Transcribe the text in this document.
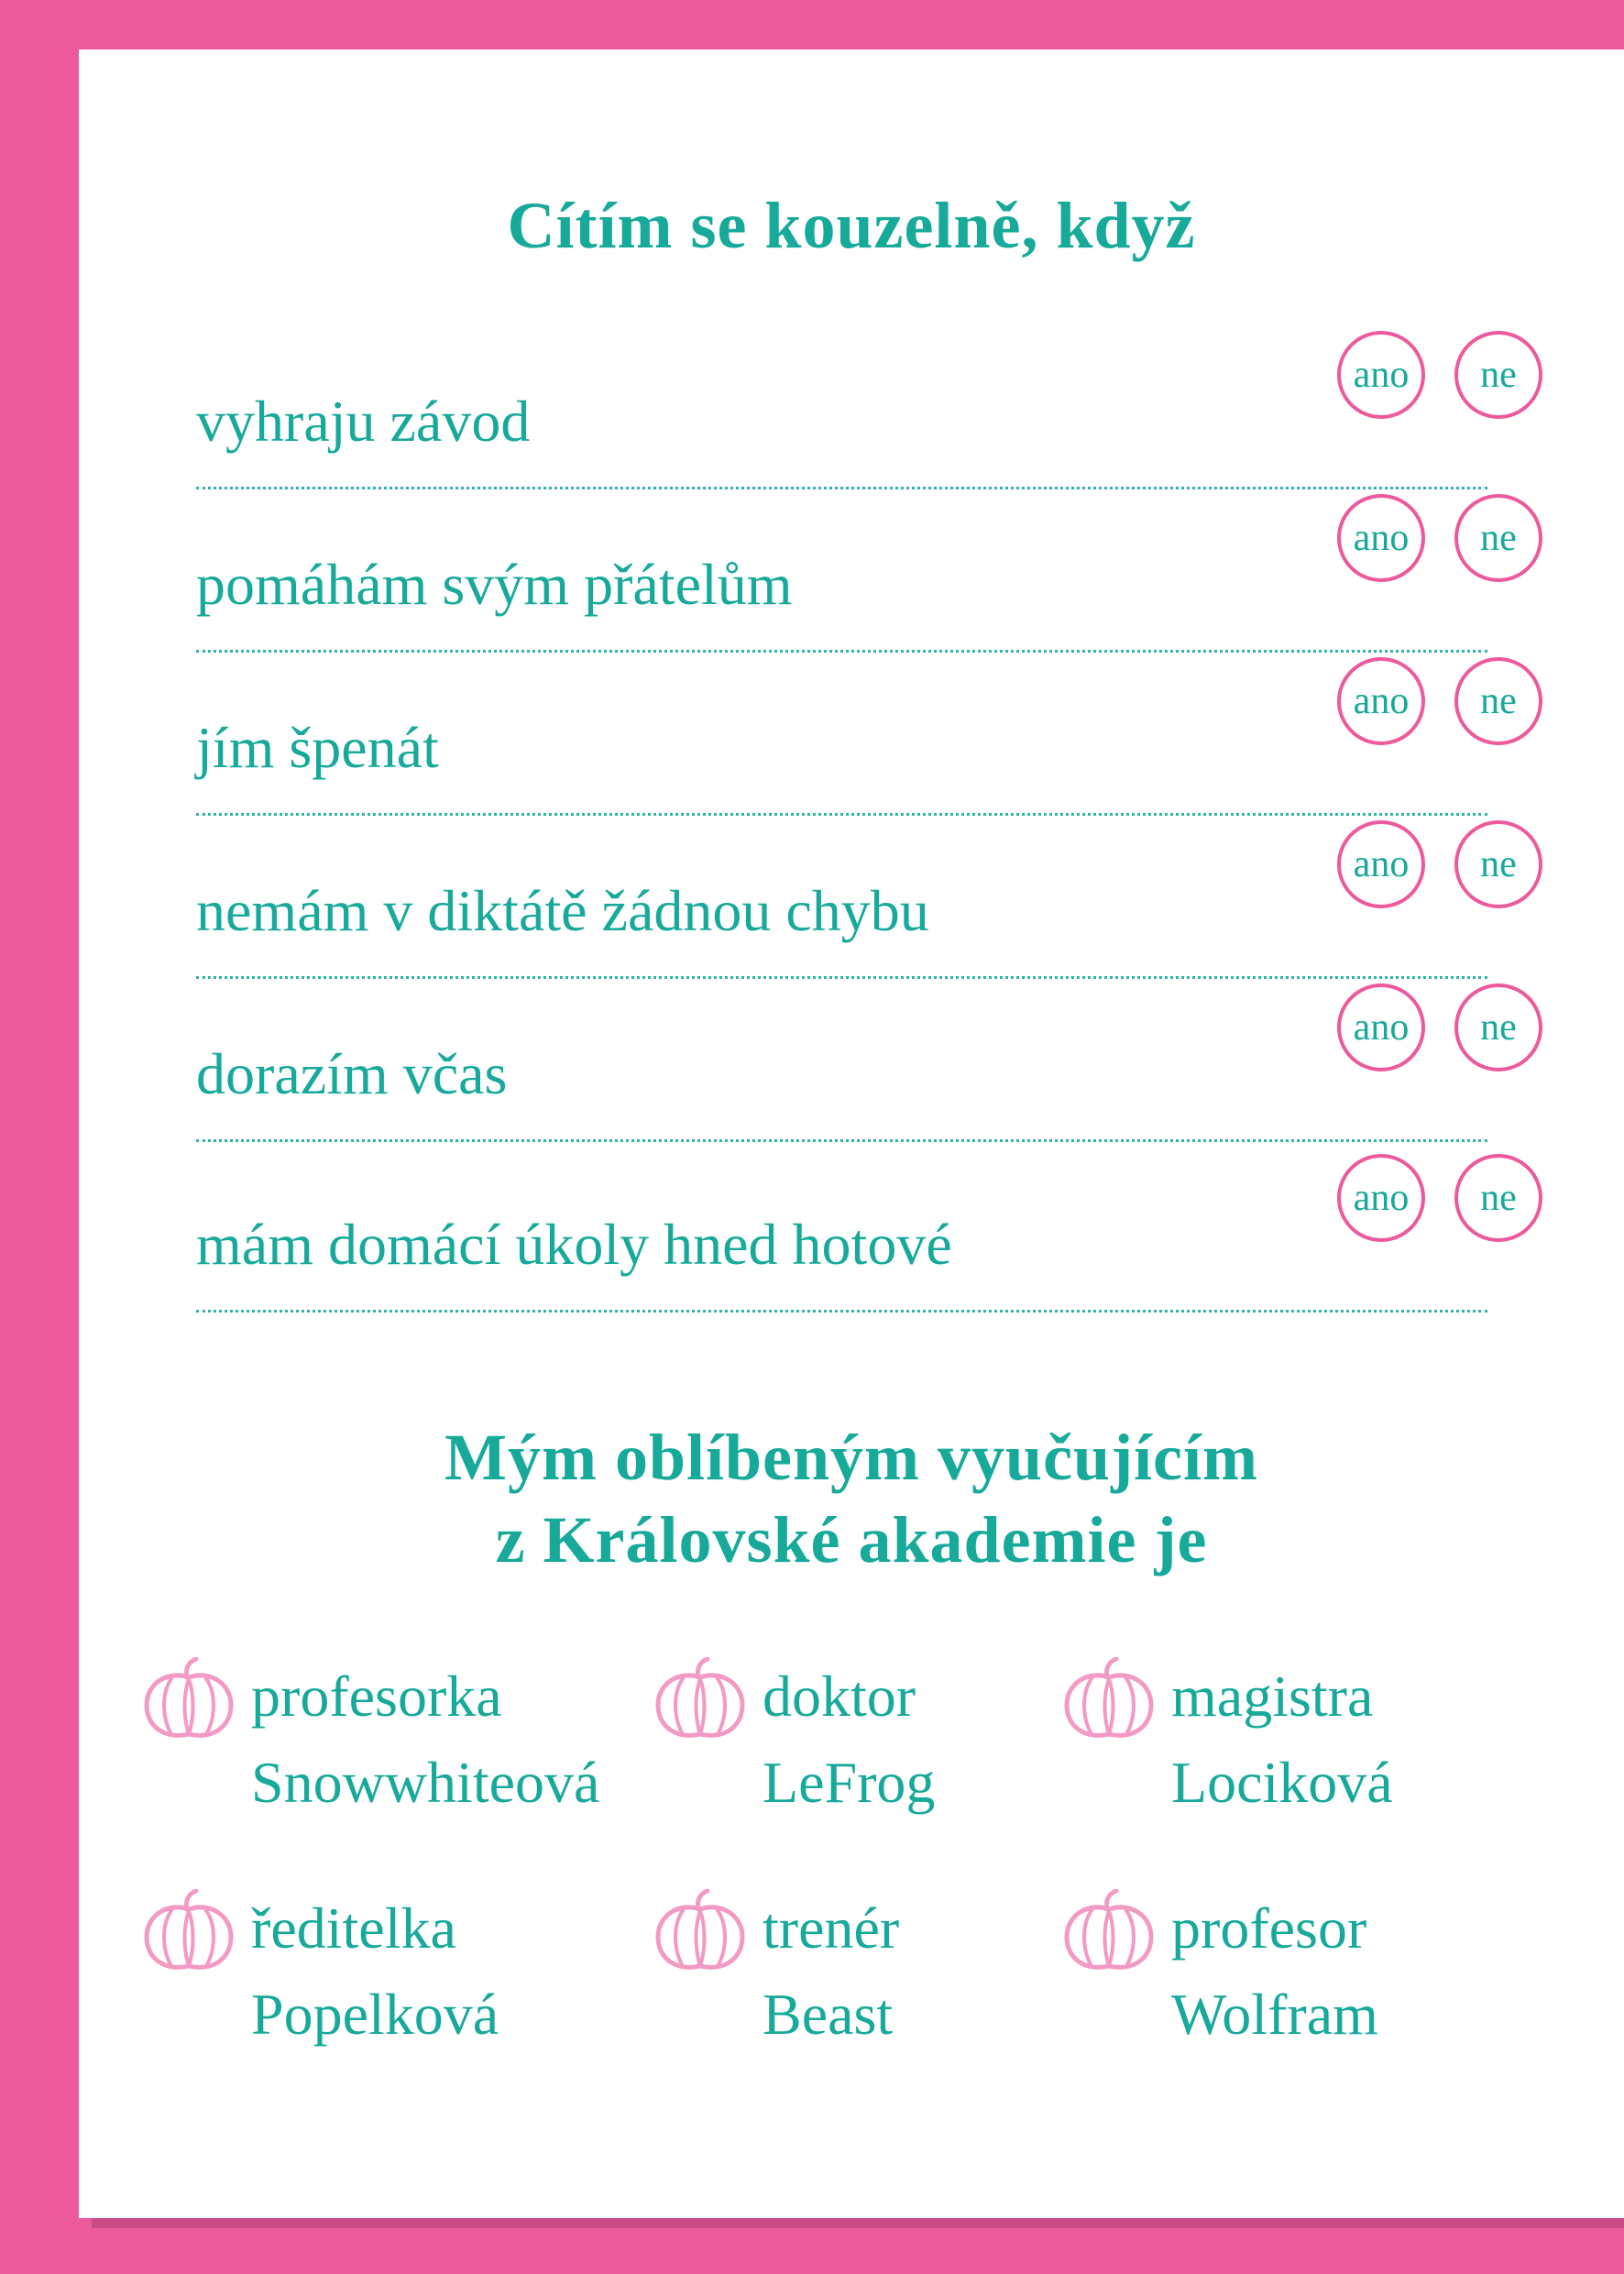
Cítím se kouzelně, když
vyhraju závod
ano	ne
pomáhám svým přátelům
ano	ne
jím špenát
ano	ne
nemám v diktátě žádnou chybu
ano	ne
dorazím včas
ano	ne
mám domácí úkoly hned hotové
ano	ne
Mým oblíbeným vyučujícím
z Královské akademie je
profesorka
Snowwhiteová
doktor
LeFrog
magistra
Lociková
ředitelka
Popelková
trenér
Beast
profesor
Wolfram
